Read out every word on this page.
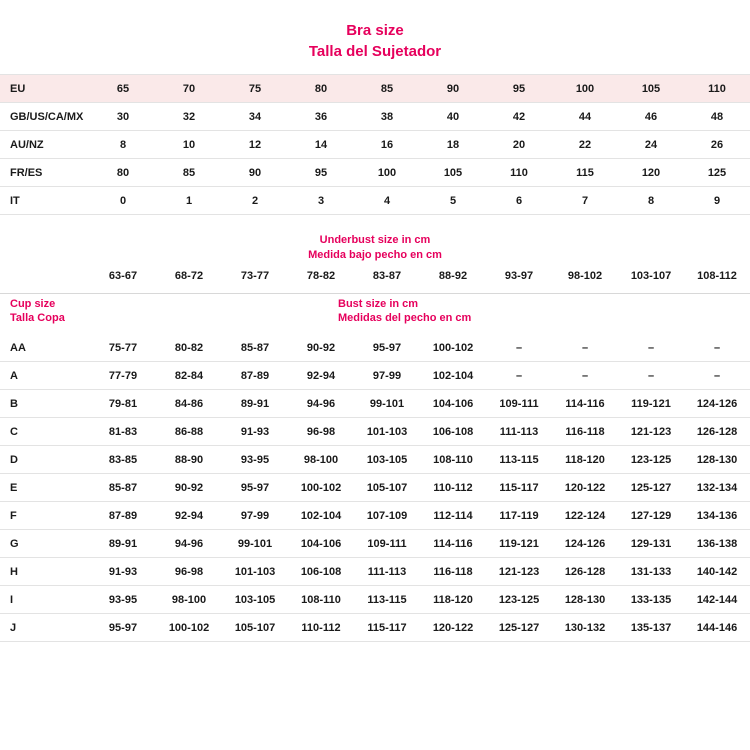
Bra size
Talla del Sujetador
EU	65	70	75	80	85	90	95	100	105	110
GB/US/CA/MX	30	32	34	36	38	40	42	44	46	48
AU/NZ	8	10	12	14	16	18	20	22	24	26
FR/ES	80	85	90	95	100	105	110	115	120	125
IT	0	1	2	3	4	5	6	7	8	9
Underbust size in cm
Medida bajo pecho en cm
	63-67	68-72	73-77	78-82	83-87	88-92	93-97	98-102	103-107	108-112
Cup size
Talla Copa
Bust size in cm
Medidas del pecho en cm
AA	75-77	80-82	85-87	90-92	95-97	100-102	–	–	–	–
A	77-79	82-84	87-89	92-94	97-99	102-104	–	–	–	–
B	79-81	84-86	89-91	94-96	99-101	104-106	109-111	114-116	119-121	124-126
C	81-83	86-88	91-93	96-98	101-103	106-108	111-113	116-118	121-123	126-128
D	83-85	88-90	93-95	98-100	103-105	108-110	113-115	118-120	123-125	128-130
E	85-87	90-92	95-97	100-102	105-107	110-112	115-117	120-122	125-127	132-134
F	87-89	92-94	97-99	102-104	107-109	112-114	117-119	122-124	127-129	134-136
G	89-91	94-96	99-101	104-106	109-111	114-116	119-121	124-126	129-131	136-138
H	91-93	96-98	101-103	106-108	111-113	116-118	121-123	126-128	131-133	140-142
I	93-95	98-100	103-105	108-110	113-115	118-120	123-125	128-130	133-135	142-144
J	95-97	100-102	105-107	110-112	115-117	120-122	125-127	130-132	135-137	144-146
